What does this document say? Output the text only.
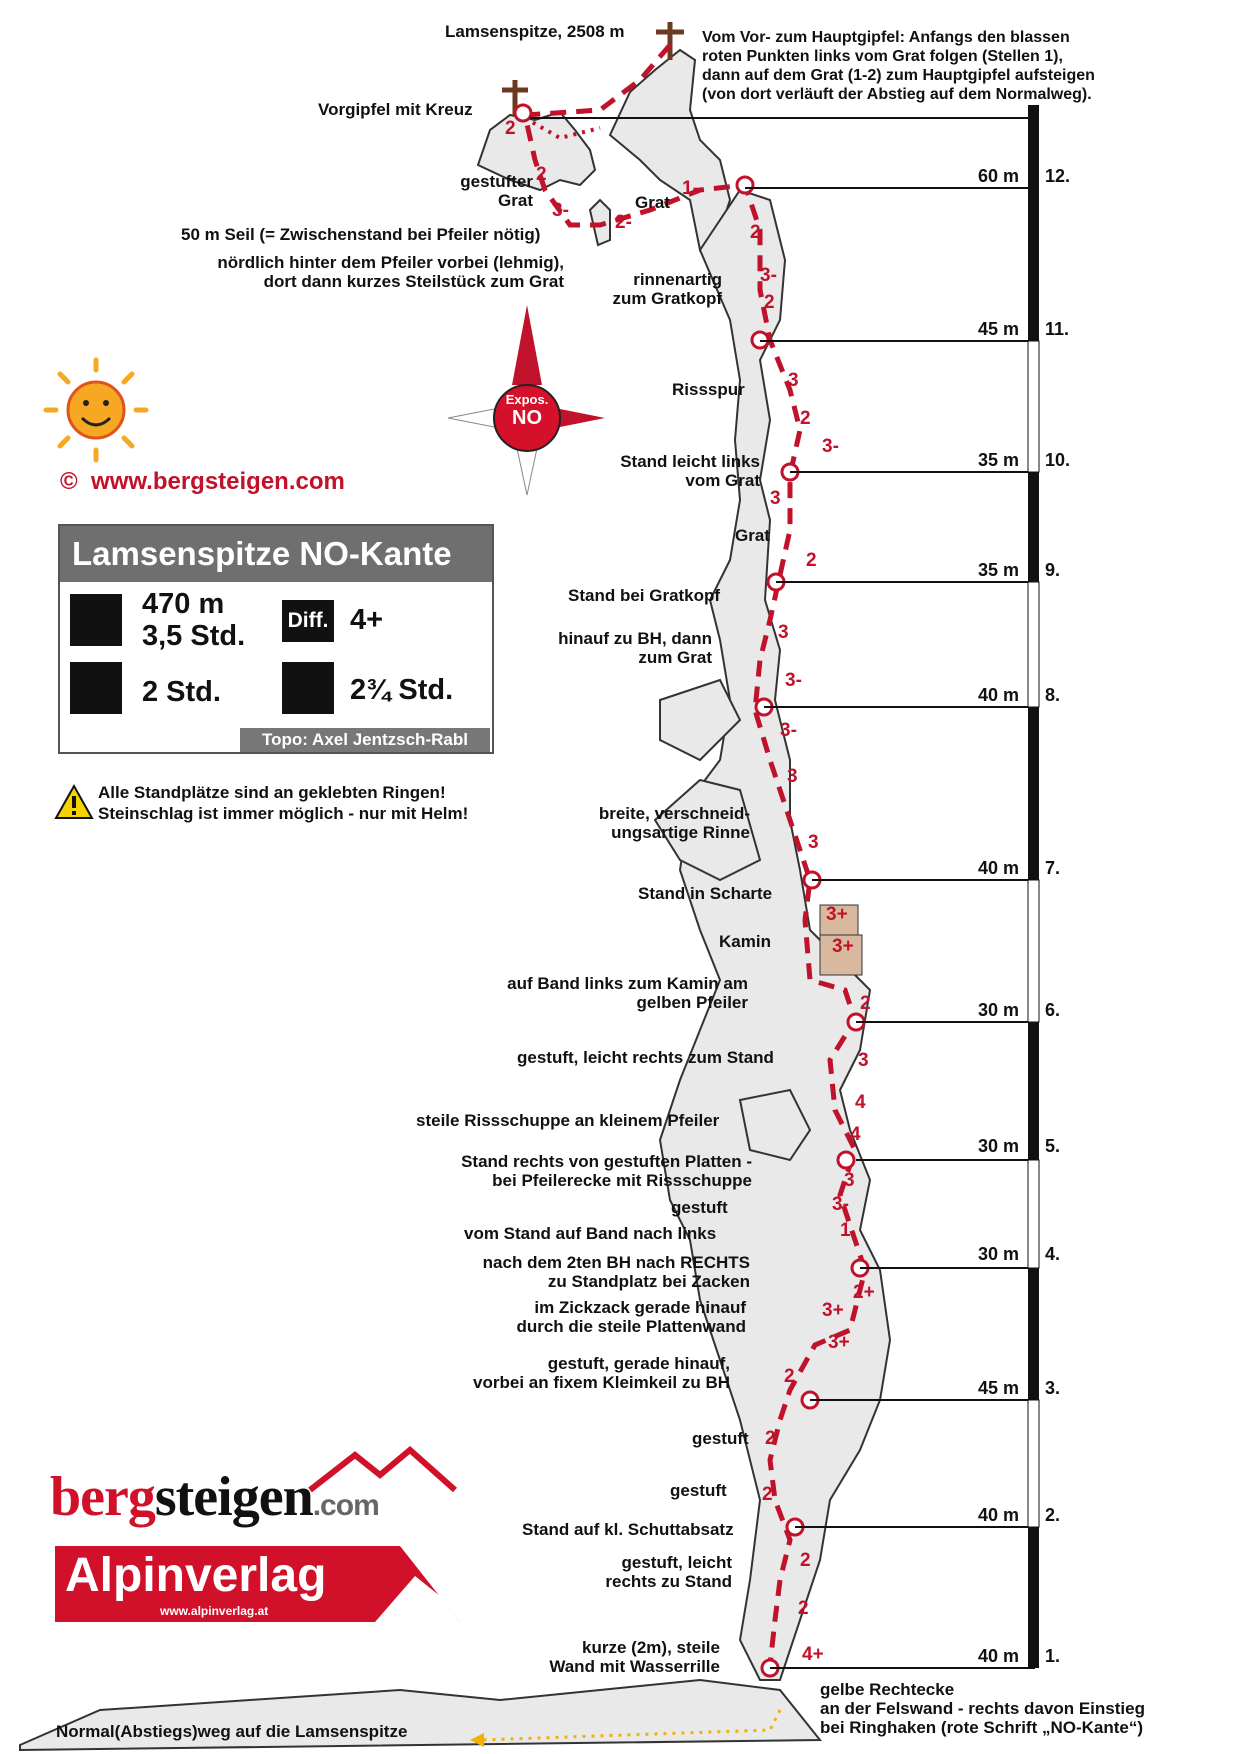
Expos.
NO
Lamsenspitze, 2508 m
Vorgipfel mit Kreuz
Vom Vor- zum Hauptgipfel: Anfangs den blassen
roten Punkten links vom Grat folgen (Stellen 1),
dann auf dem Grat (1-2) zum Hauptgipfel aufsteigen
(von dort verläuft der Abstieg auf dem Normalweg).
© www.bergsteigen.com
Lamsenspitze NO-Kante
470 m
3,5 Std. Diff. 4+
2 Std.	2¾ Std.
Topo: Axel Jentzsch-Rabl
Alle Standplätze sind an geklebten Ringen!
Steinschlag ist immer möglich - nur mit Helm!
gestufter
Grat
50 m Seil (= Zwischenstand bei Pfeiler nötig)
nördlich hinter dem Pfeiler vorbei (lehmig),
dort dann kurzes Steilstück zum Grat
Grat
rinnenartig
zum Gratkopf
Rissspur
Stand leicht links
vom Grat
Grat
Stand bei Gratkopf
hinauf zu BH, dann
zum Grat
breite, verschneid-
ungsartige Rinne
Stand in Scharte
Kamin
auf Band links zum Kamin am
gelben Pfeiler
gestuft, leicht rechts zum Stand
steile Rissschuppe an kleinem Pfeiler
Stand rechts von gestuften Platten -
bei Pfeilerecke mit Rissschuppe
gestuft
vom Stand auf Band nach links
nach dem 2ten BH nach RECHTS
zu Standplatz bei Zacken
im Zickzack gerade hinauf
durch die steile Plattenwand
gestuft, gerade hinauf,
vorbei an fixem Kleimkeil zu BH
gestuft
gestuft
Stand auf kl. Schuttabsatz
gestuft, leicht
rechts zu Stand
kurze (2m), steile
Wand mit Wasserrille
gelbe Rechtecke
an der Felswand - rechts davon Einstieg
bei Ringhaken (rote Schrift „NO-Kante“)
Normal(Abstiegs)weg auf die Lamsenspitze
2
2
3-
2-
1-
2
3-
2
3
2
3-
3
2
3
3-
3-
3
3
3+
3+
2
3
4
4
3
3-
1
2+
3+
3+
2
2
2
2
2
4+
60 m 12.
45 m 11.
35 m 10.
35 m 9.
40 m 8.
40 m 7.
30 m 6.
30 m 5.
30 m 4.
45 m 3.
40 m 2.
40 m 1.
bergsteigen.com
Alpinverlag
www.alpinverlag.at
